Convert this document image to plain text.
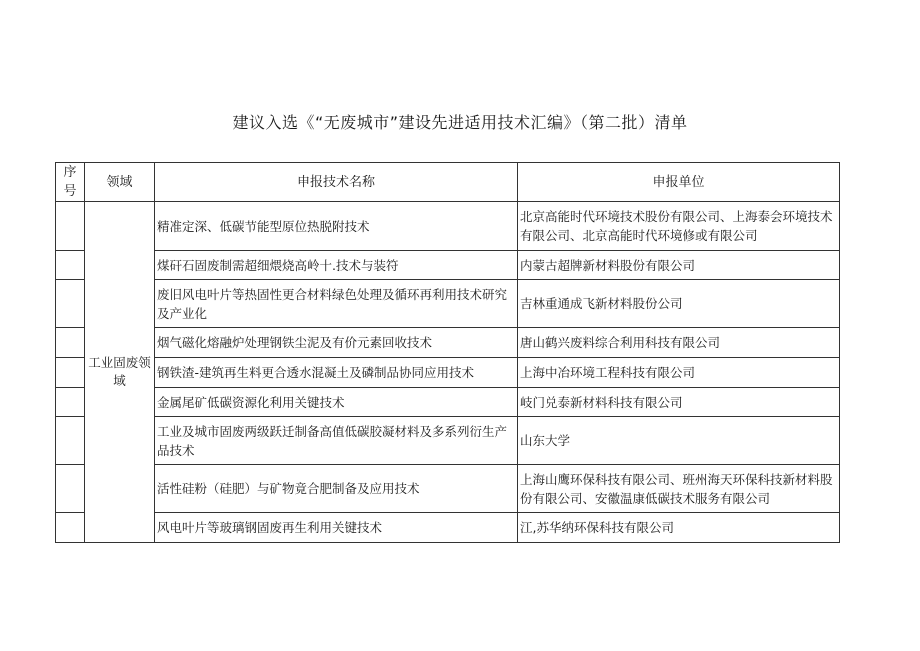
建议入选《“无废城市”建设先进适用技术汇编》（第二批）清单
序号	领域	申报技术名称	申报单位
	工业固废领域	精准定深、低碳节能型原位热脱附技术	北京高能时代环境技术股份有限公司、上海泰会环境技术有限公司、北京高能时代环境修或有限公司
		煤矸石固废制需超细煨烧高岭十.技术与装符	内蒙古超牌新材料股份有限公司
		废旧风电叶片等热固性更合材料绿色处理及循环再利用技术研究及产业化	吉林重通成飞新材料股份公司
		烟气磁化熔融炉处理钢铁尘泥及有价元素回收技术	唐山鹤兴废料综合利用科技有限公司
		钢铁渣-建筑再生料更合透水混凝土及磷制品协同应用技术	上海中冶环境工程科技有限公司
		金属尾矿低碳资源化利用关键技术	岐门兑泰新材料科技有限公司
		工业及城市固废两级跃迁制备高值低碳胶凝材料及多系列衍生产品技术	山东大学
		活性硅粉（硅肥）与矿物竟合肥制备及应用技术	上海山鹰环保科技有限公司、班州海天环保科技新材料股份有限公司、安徽温康低碳技术服务有限公司
		风电叶片等玻璃钢固废再生利用关键技术	江,苏华纳环保科技有限公司
